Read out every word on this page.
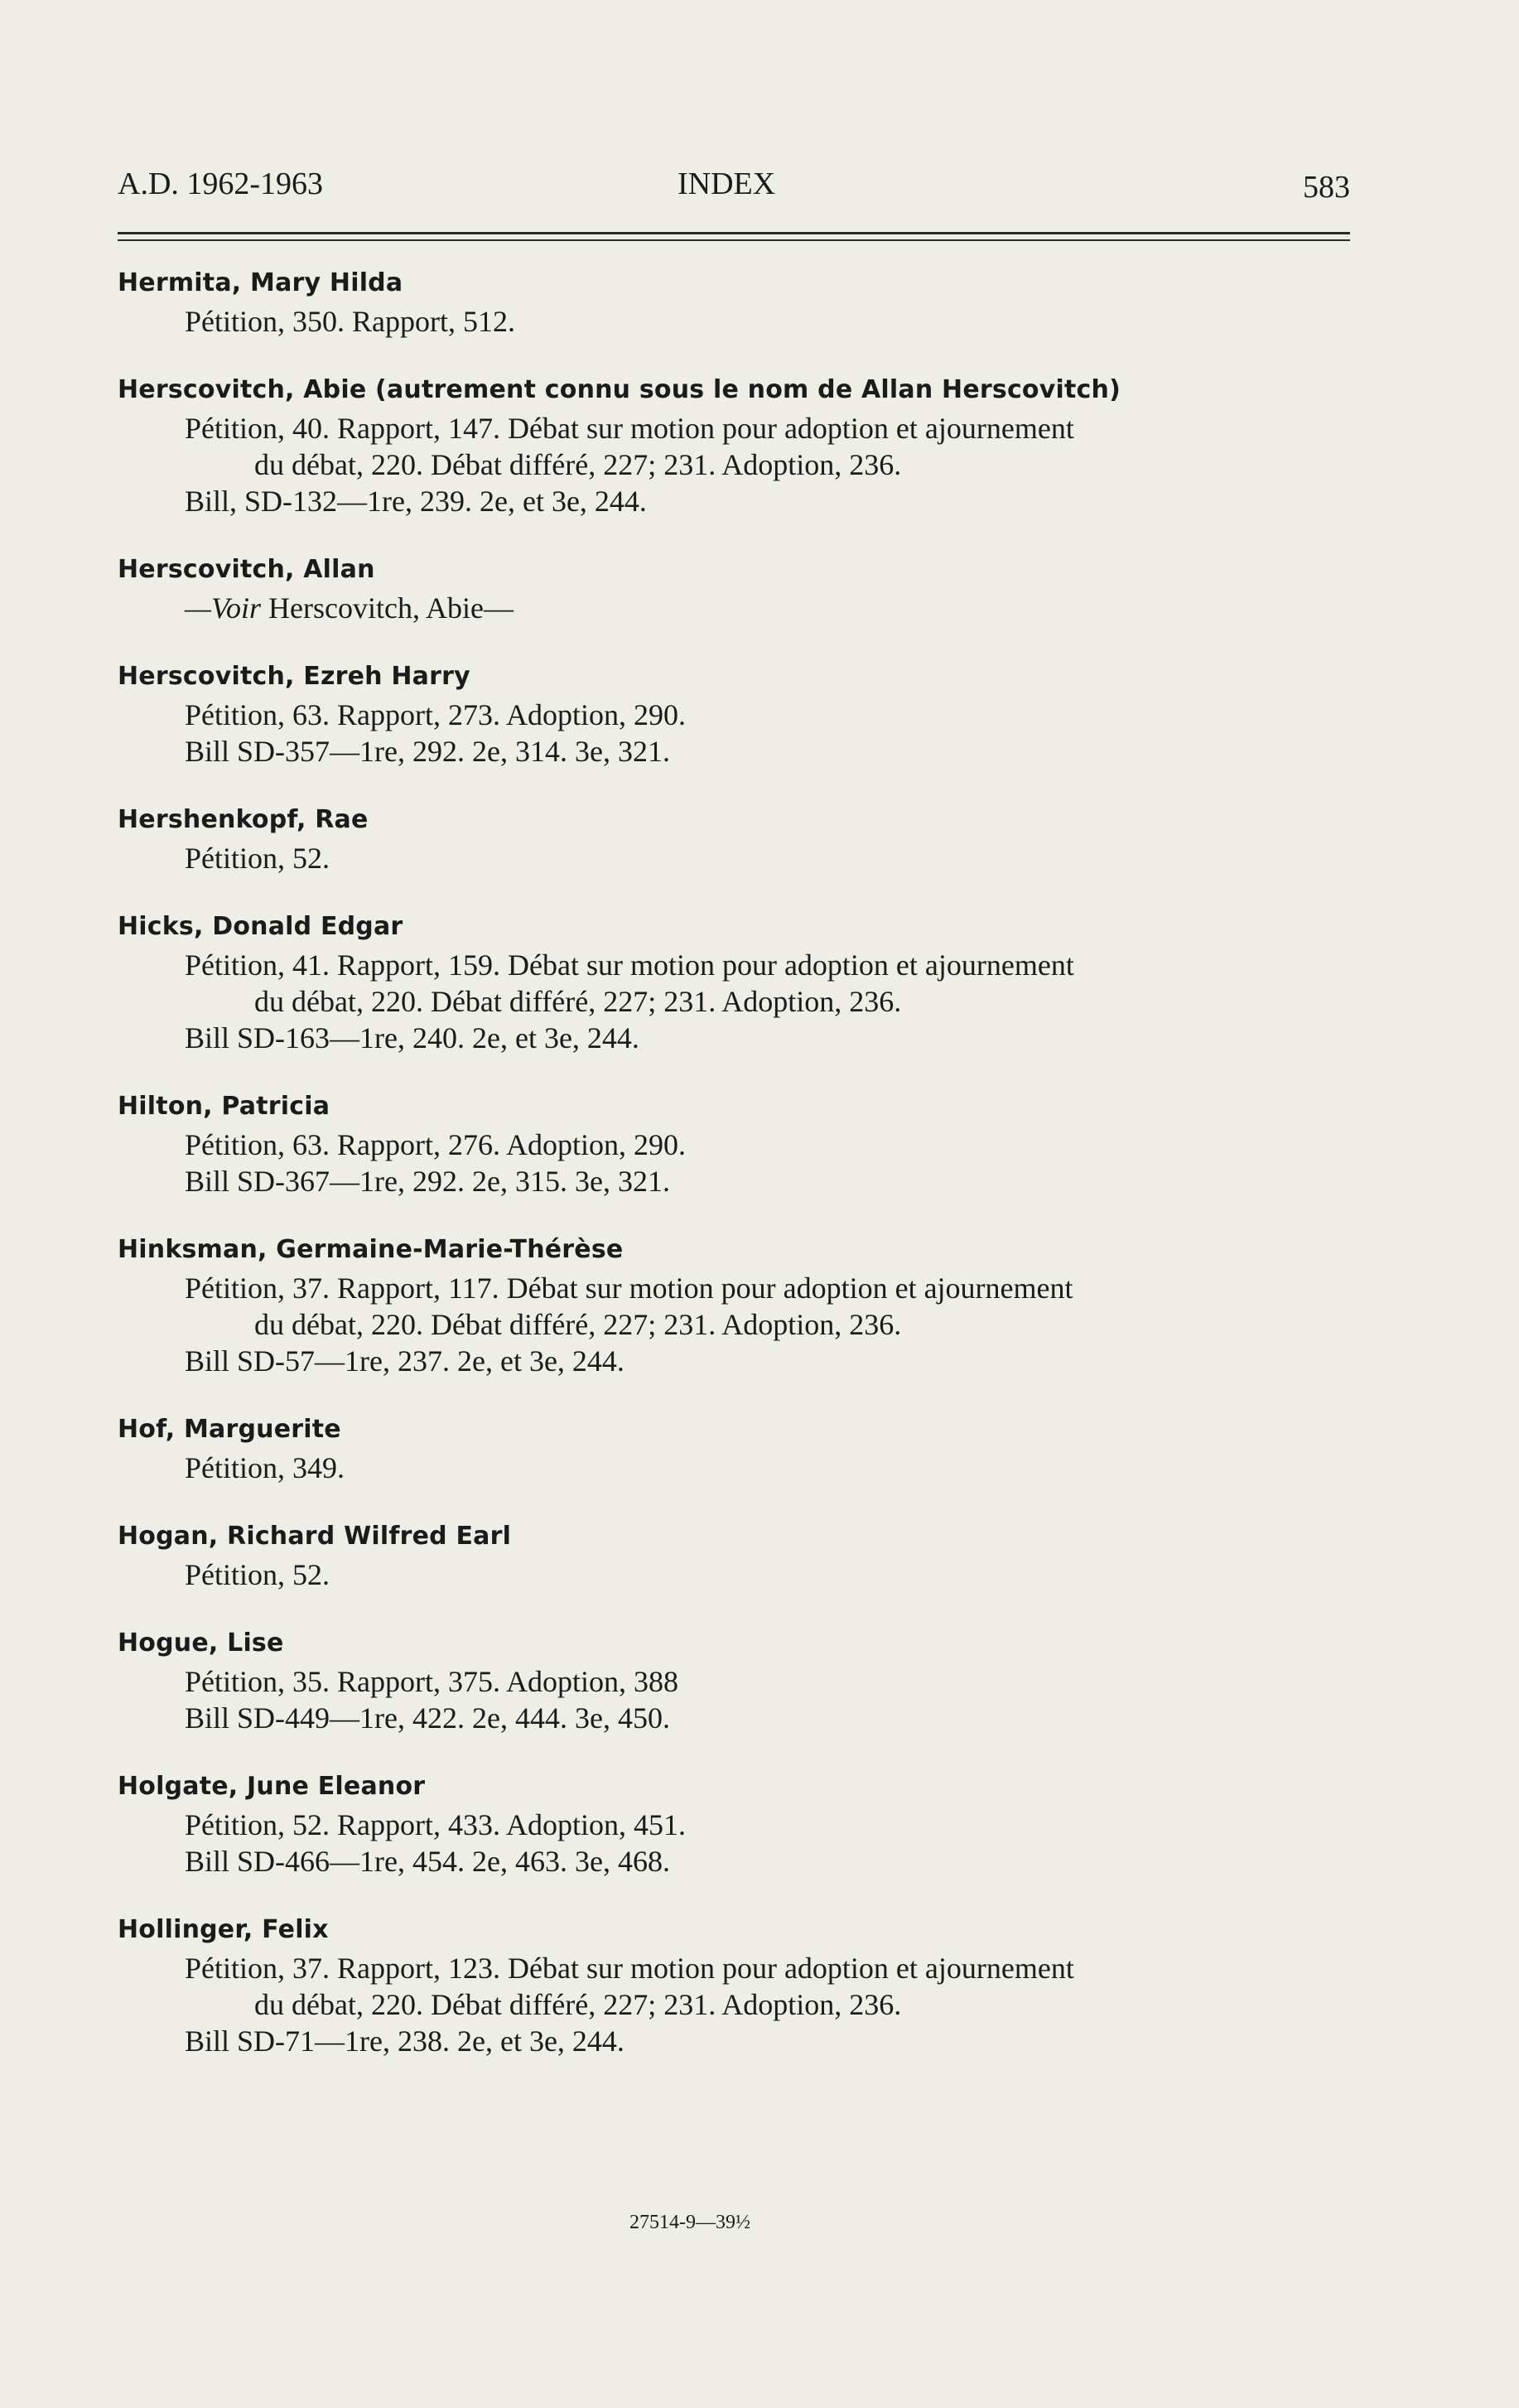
A.D. 1962-1963	INDEX	583
Hermita, Mary Hilda
Pétition, 350. Rapport, 512.
Herscovitch, Abie (autrement connu sous le nom de Allan Herscovitch)
Pétition, 40. Rapport, 147. Débat sur motion pour adoption et ajournement
du débat, 220. Débat différé, 227; 231. Adoption, 236.
Bill, SD-132—1re, 239. 2e, et 3e, 244.
Herscovitch, Allan
—Voir Herscovitch, Abie—
Herscovitch, Ezreh Harry
Pétition, 63. Rapport, 273. Adoption, 290.
Bill SD-357—1re, 292. 2e, 314. 3e, 321.
Hershenkopf, Rae
Pétition, 52.
Hicks, Donald Edgar
Pétition, 41. Rapport, 159. Débat sur motion pour adoption et ajournement
du débat, 220. Débat différé, 227; 231. Adoption, 236.
Bill SD-163—1re, 240. 2e, et 3e, 244.
Hilton, Patricia
Pétition, 63. Rapport, 276. Adoption, 290.
Bill SD-367—1re, 292. 2e, 315. 3e, 321.
Hinksman, Germaine-Marie-Thérèse
Pétition, 37. Rapport, 117. Débat sur motion pour adoption et ajournement
du débat, 220. Débat différé, 227; 231. Adoption, 236.
Bill SD-57—1re, 237. 2e, et 3e, 244.
Hof, Marguerite
Pétition, 349.
Hogan, Richard Wilfred Earl
Pétition, 52.
Hogue, Lise
Pétition, 35. Rapport, 375. Adoption, 388
Bill SD-449—1re, 422. 2e, 444. 3e, 450.
Holgate, June Eleanor
Pétition, 52. Rapport, 433. Adoption, 451.
Bill SD-466—1re, 454. 2e, 463. 3e, 468.
Hollinger, Felix
Pétition, 37. Rapport, 123. Débat sur motion pour adoption et ajournement
du débat, 220. Débat différé, 227; 231. Adoption, 236.
Bill SD-71—1re, 238. 2e, et 3e, 244.
27514-9—39½
